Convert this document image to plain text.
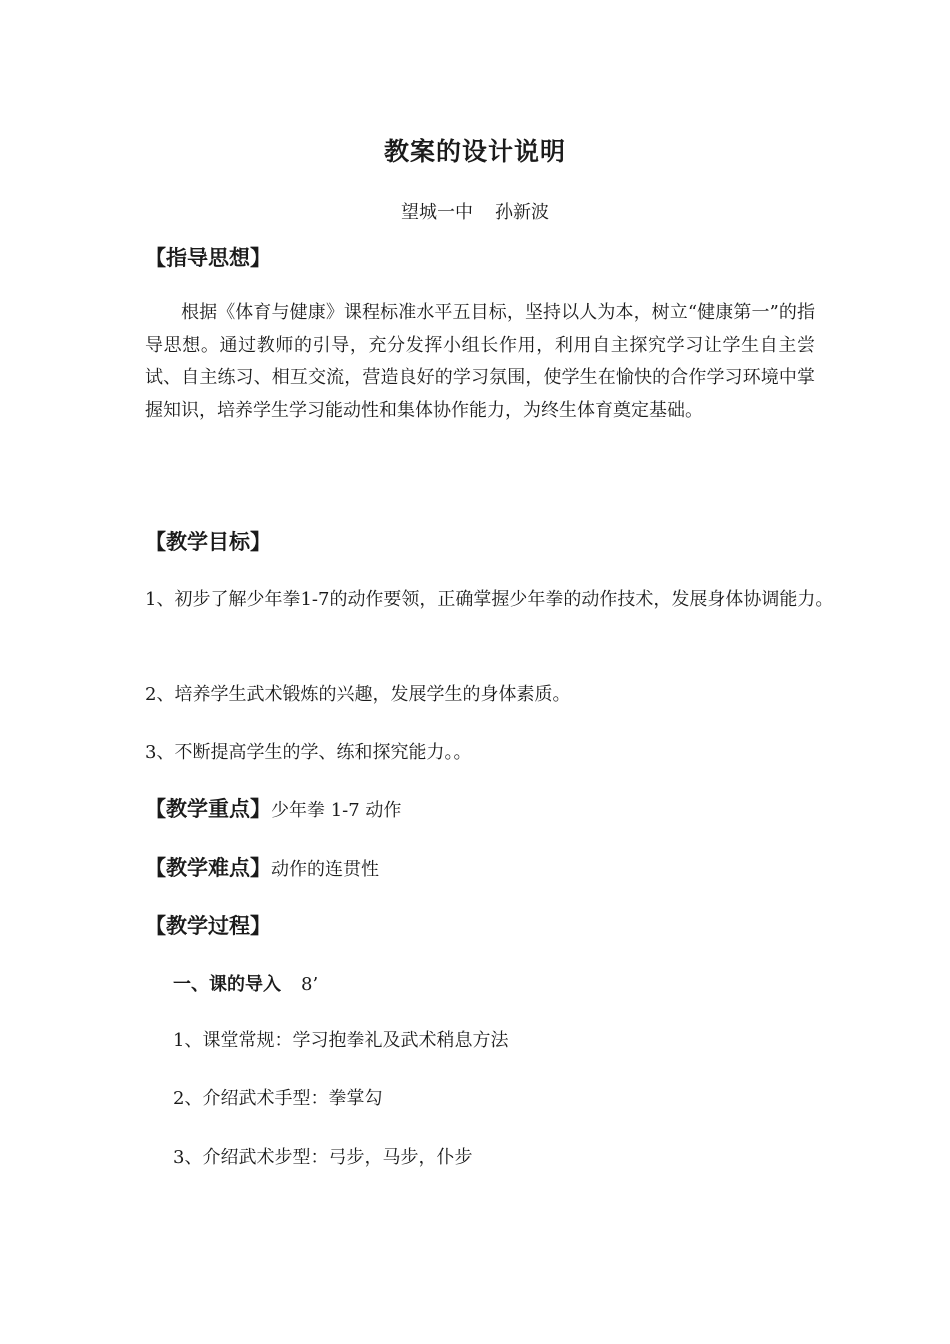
教案的设计说明
望城一中 孙新波
【指导思想】
根据《体育与健康》课程标准水平五目标，坚持以人为本，树立“健康第一”的指导思想。通过教师的引导，充分发挥小组长作用，利用自主探究学习让学生自主尝试、自主练习、相互交流，营造良好的学习氛围，使学生在愉快的合作学习环境中掌握知识，培养学生学习能动性和集体协作能力，为终生体育奠定基础。
【教学目标】
1、初步了解少年拳1-7的动作要领，正确掌握少年拳的动作技术，发展身体协调能力。
2、培养学生武术锻炼的兴趣，发展学生的身体素质。
3、不断提高学生的学、练和探究能力。。
【教学重点】少年拳 1-7 动作
【教学难点】动作的连贯性
【教学过程】
一、课的导入 8’
1、课堂常规：学习抱拳礼及武术稍息方法
2、介绍武术手型：拳掌勾
3、介绍武术步型：弓步，马步，仆步
